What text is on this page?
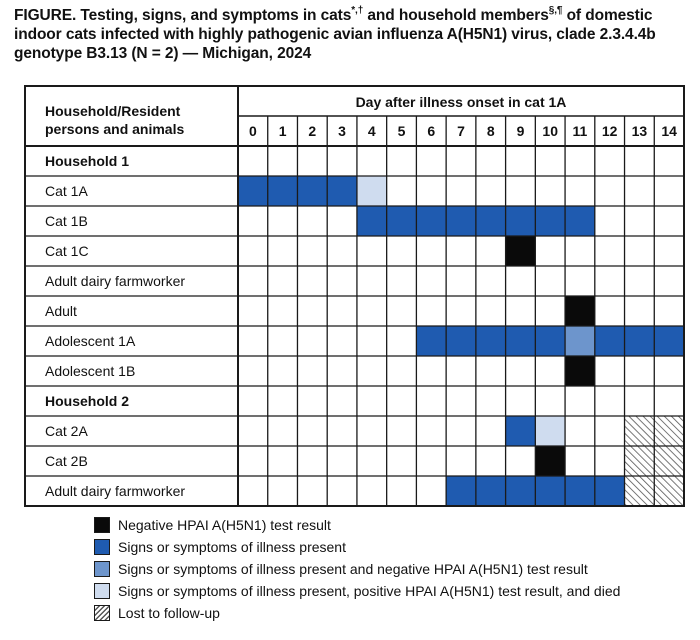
FIGURE. Testing, signs, and symptoms in cats*,† and household members§,¶ of domestic indoor cats infected with highly pathogenic avian influenza A(H5N1) virus, clade 2.3.4.4b genotype B3.13 (N = 2) — Michigan, 2024
Household/Resident
persons and animals
Day after illness onset in cat 1A
0 1 2 3 4 5 6 7 8 9 10 11 12 13 14
Household 1
Cat 1A
Cat 1B
Cat 1C
Adult dairy farmworker
Adult
Adolescent 1A
Adolescent 1B
Household 2
Cat 2A
Cat 2B
Adult dairy farmworker
Negative HPAI A(H5N1) test result
Signs or symptoms of illness present
Signs or symptoms of illness present and negative HPAI A(H5N1) test result
Signs or symptoms of illness present, positive HPAI A(H5N1) test result, and died
Lost to follow-up
